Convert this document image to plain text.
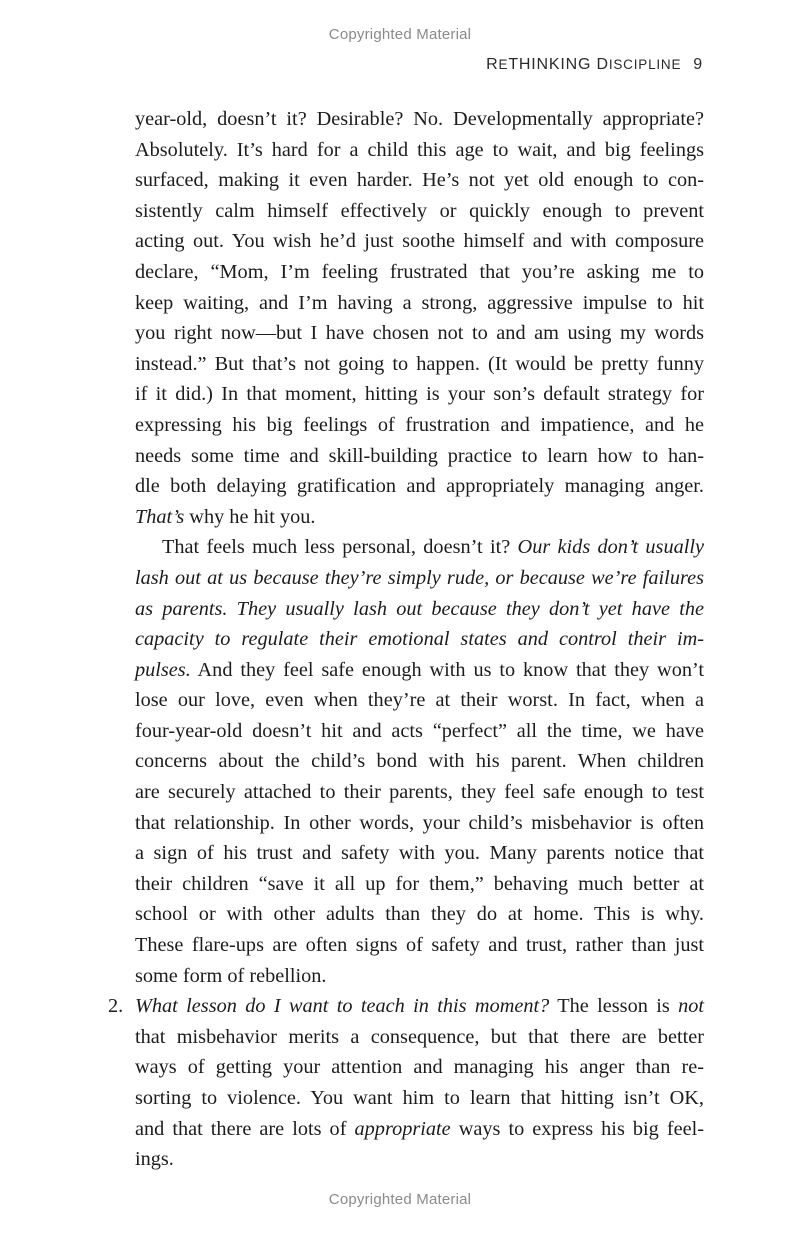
Copyrighted Material
RETHINKING DISCIPLINE 9
year-old, doesn’t it? Desirable? No. Developmentally appropriate?
Absolutely. It’s hard for a child this age to wait, and big feelings
surfaced, making it even harder. He’s not yet old enough to con-
sistently calm himself effectively or quickly enough to prevent
acting out. You wish he’d just soothe himself and with composure
declare, “Mom, I’m feeling frustrated that you’re asking me to
keep waiting, and I’m having a strong, aggressive impulse to hit
you right now—but I have chosen not to and am using my words
instead.” But that’s not going to happen. (It would be pretty funny
if it did.) In that moment, hitting is your son’s default strategy for
expressing his big feelings of frustration and impatience, and he
needs some time and skill-building practice to learn how to han-
dle both delaying gratification and appropriately managing anger.
That’s why he hit you.
That feels much less personal, doesn’t it? Our kids don’t usually
lash out at us because they’re simply rude, or because we’re failures
as parents. They usually lash out because they don’t yet have the
capacity to regulate their emotional states and control their im-
pulses. And they feel safe enough with us to know that they won’t
lose our love, even when they’re at their worst. In fact, when a
four-year-old doesn’t hit and acts “perfect” all the time, we have
concerns about the child’s bond with his parent. When children
are securely attached to their parents, they feel safe enough to test
that relationship. In other words, your child’s misbehavior is often
a sign of his trust and safety with you. Many parents notice that
their children “save it all up for them,” behaving much better at
school or with other adults than they do at home. This is why.
These flare-ups are often signs of safety and trust, rather than just
some form of rebellion.
2. What lesson do I want to teach in this moment? The lesson is not
that misbehavior merits a consequence, but that there are better
ways of getting your attention and managing his anger than re-
sorting to violence. You want him to learn that hitting isn’t OK,
and that there are lots of appropriate ways to express his big feel-
ings.
Copyrighted Material
